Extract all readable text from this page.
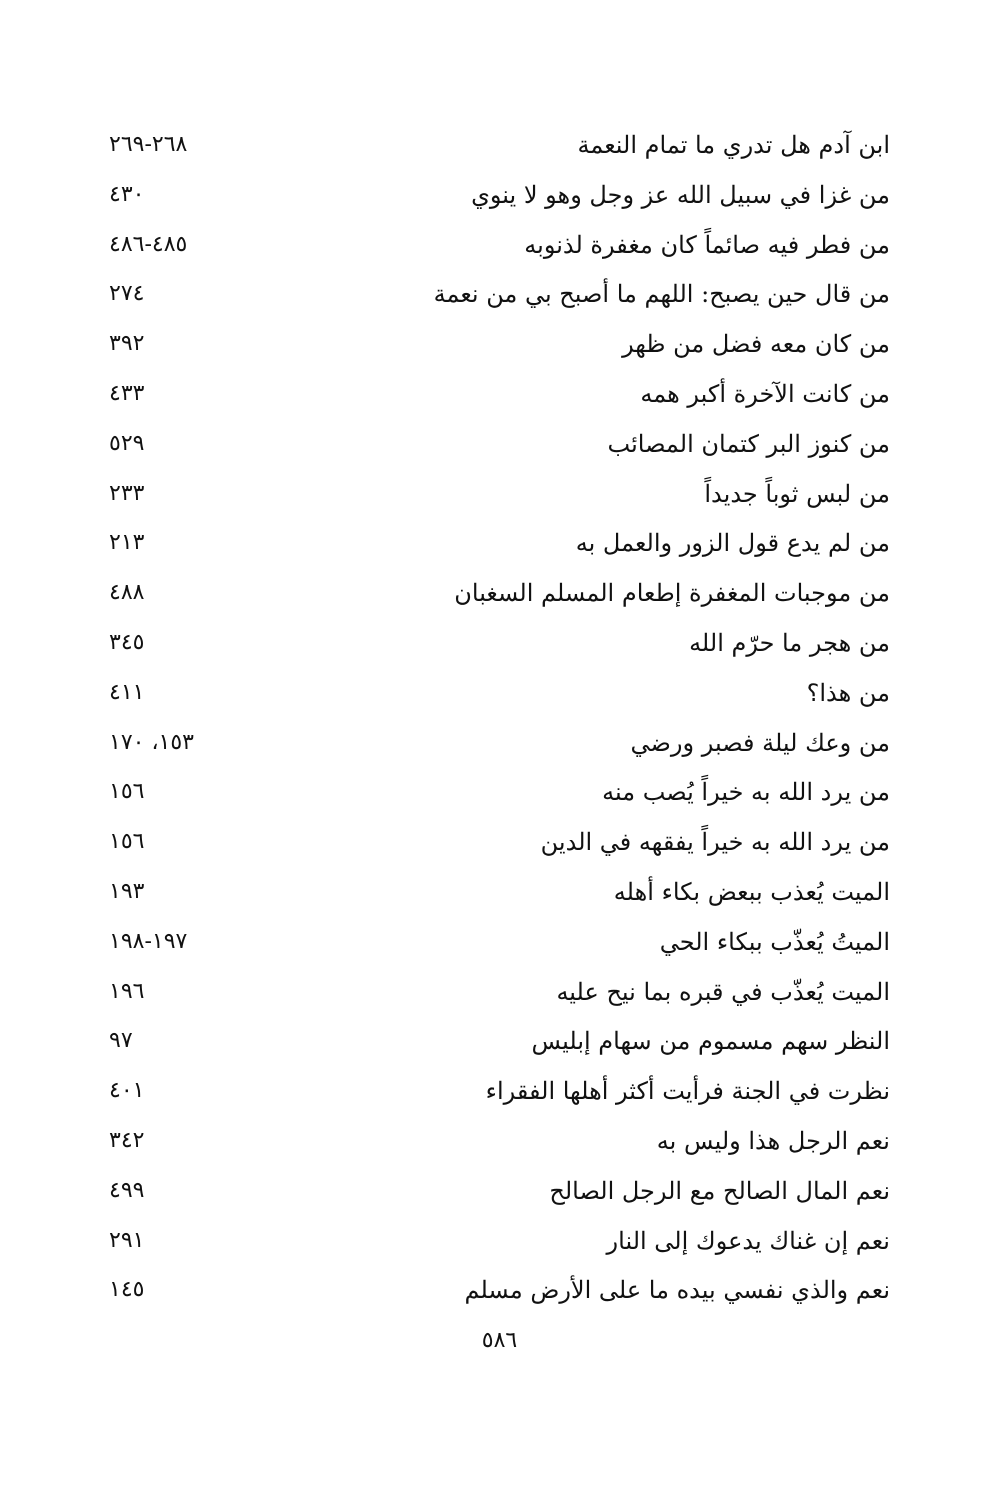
ابن آدم هل تدري ما تمام النعمة
٢٦٨-٢٦٩
من غزا في سبيل الله عز وجل وهو لا ينوي
٤٣٠
من فطر فيه صائماً كان مغفرة لذنوبه
٤٨٥-٤٨٦
من قال حين يصبح: اللهم ما أصبح بي من نعمة
٢٧٤
من كان معه فضل من ظهر
٣٩٢
من كانت الآخرة أكبر همه
٤٣٣
من كنوز البر كتمان المصائب
٥٢٩
من لبس ثوباً جديداً
٢٣٣
من لم يدع قول الزور والعمل به
٢١٣
من موجبات المغفرة إطعام المسلم السغبان
٤٨٨
من هجر ما حرّم الله
٣٤٥
من هذا؟
٤١١
من وعك ليلة فصبر ورضي
١٥٣، ١٧٠
من يرد الله به خيراً يُصب منه
١٥٦
من يرد الله به خيراً يفقهه في الدين
١٥٦
الميت يُعذب ببعض بكاء أهله
١٩٣
الميتُ يُعذّب ببكاء الحي
١٩٧-١٩٨
الميت يُعذّب في قبره بما نيح عليه
١٩٦
النظر سهم مسموم من سهام إبليس
٩٧
نظرت في الجنة فرأيت أكثر أهلها الفقراء
٤٠١
نعم الرجل هذا وليس به
٣٤٢
نعم المال الصالح مع الرجل الصالح
٤٩٩
نعم إن غناك يدعوك إلى النار
٢٩١
نعم والذي نفسي بيده ما على الأرض مسلم
١٤٥
٥٨٦
